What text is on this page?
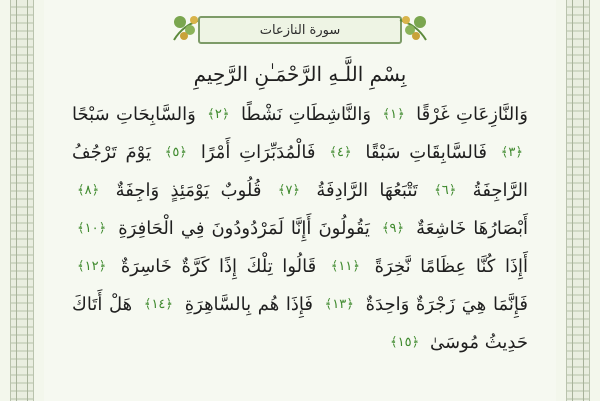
سورة النازعات
بِسْمِ اللَّـهِ الرَّحْمَـٰنِ الرَّحِيمِ
وَالنَّازِعَاتِ غَرْقًا ﴿ ١ ﴾ وَالنَّاشِطَاتِ نَشْطًا ﴿ ٢ ﴾ وَالسَّابِحَاتِ سَبْحًا
﴿ ٣ ﴾ فَالسَّابِقَاتِ سَبْقًا ﴿ ٤ ﴾ فَالْمُدَبِّرَاتِ أَمْرًا ﴿ ٥ ﴾ يَوْمَ تَرْجُفُ
الرَّاجِفَةُ ﴿ ٦ ﴾ تَتْبَعُهَا الرَّادِفَةُ ﴿ ٧ ﴾ قُلُوبٌ يَوْمَئِذٍ وَاجِفَةٌ ﴿ ٨ ﴾
أَبْصَارُهَا خَاشِعَةٌ ﴿ ٩ ﴾ يَقُولُونَ أَإِنَّا لَمَرْدُودُونَ فِي الْحَافِرَةِ ﴿ ١٠ ﴾
أَإِذَا كُنَّا عِظَامًا نَّخِرَةً ﴿ ١١ ﴾ قَالُوا تِلْكَ إِذًا كَرَّةٌ خَاسِرَةٌ ﴿ ١٢ ﴾
فَإِنَّمَا هِيَ زَجْرَةٌ وَاحِدَةٌ ﴿ ١٣ ﴾ فَإِذَا هُم بِالسَّاهِرَةِ ﴿ ١٤ ﴾ هَلْ أَتَاكَ
حَدِيثُ مُوسَىٰ ﴿ ١٥ ﴾
